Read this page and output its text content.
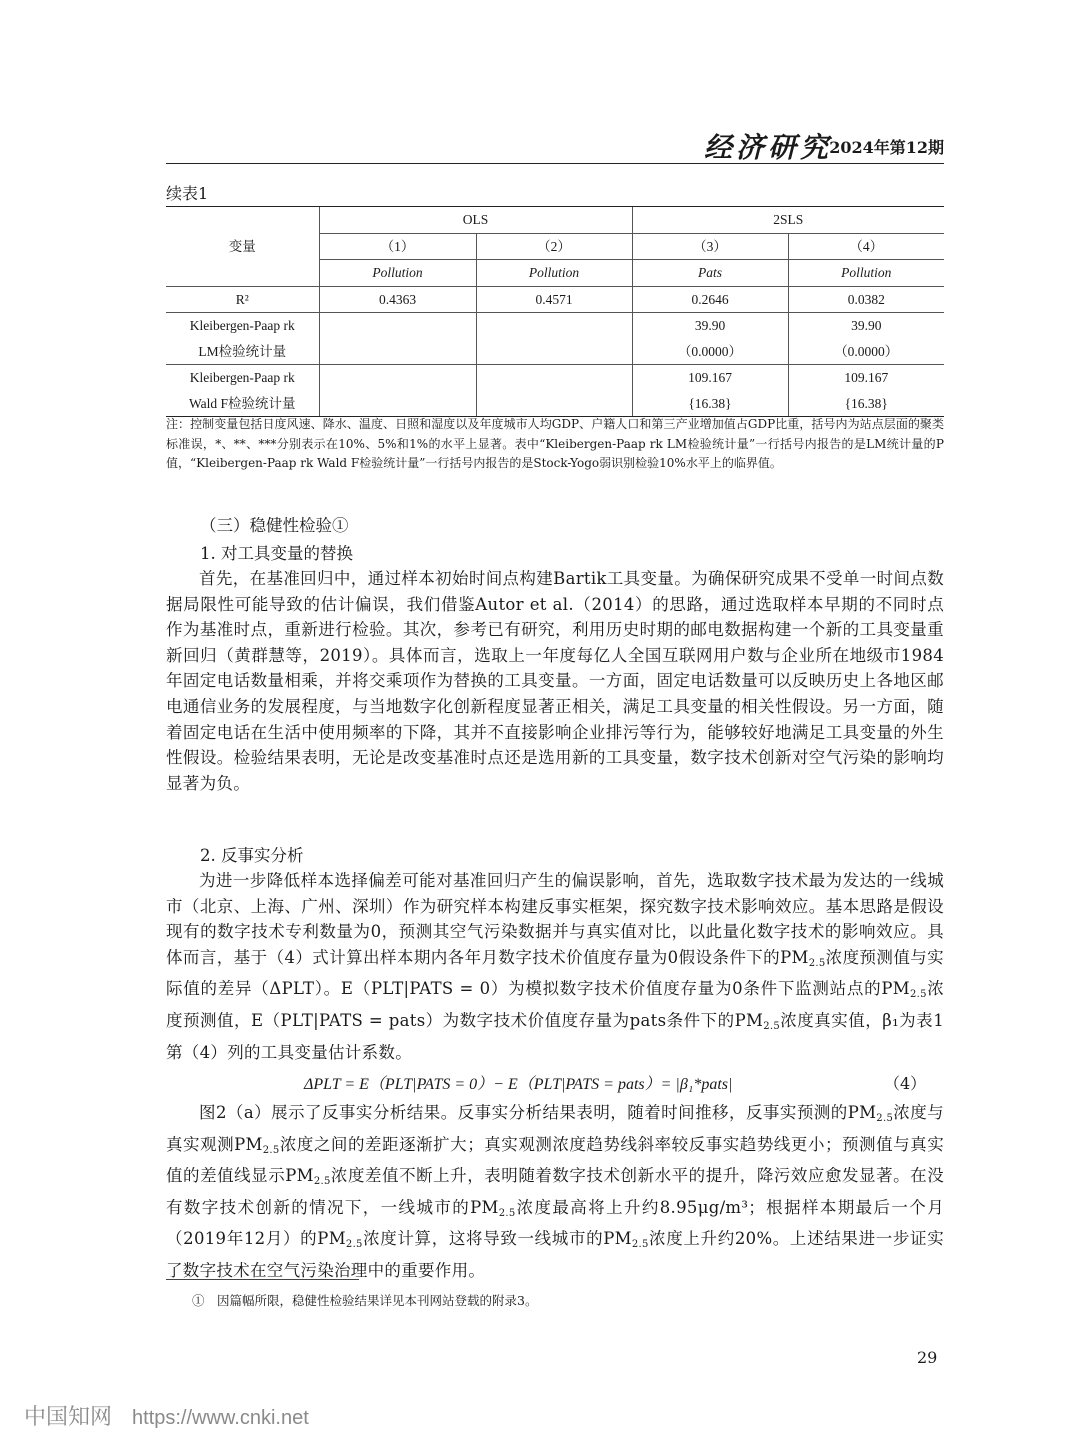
经济研究
2024年第12期
续表1
变量	OLS		2SLS	
	（1）	（2）	（3）	（4）
	Pollution	Pollution	Pats	Pollution
R²	0.4363	0.4571	0.2646	0.0382
Kleibergen-Paap rk			39.90	39.90
LM检验统计量			（0.0000）	（0.0000）
Kleibergen-Paap rk			109.167	109.167
Wald F检验统计量			{16.38}	{16.38}
注：控制变量包括日度风速、降水、温度、日照和湿度以及年度城市人均GDP、户籍人口和第三产业增加值占GDP比重，括号内为站点层面的聚类标准误，*、**、***分别表示在10%、5%和1%的水平上显著。表中“Kleibergen-Paap rk LM检验统计量”一行括号内报告的是LM统计量的P值，“Kleibergen-Paap rk Wald F检验统计量”一行括号内报告的是Stock-Yogo弱识别检验10%水平上的临界值。
（三）稳健性检验①
1. 对工具变量的替换
首先，在基准回归中，通过样本初始时间点构建Bartik工具变量。为确保研究成果不受单一时间点数据局限性可能导致的估计偏误，我们借鉴Autor et al.（2014）的思路，通过选取样本早期的不同时点作为基准时点，重新进行检验。其次，参考已有研究，利用历史时期的邮电数据构建一个新的工具变量重新回归（黄群慧等，2019）。具体而言，选取上一年度每亿人全国互联网用户数与企业所在地级市1984年固定电话数量相乘，并将交乘项作为替换的工具变量。一方面，固定电话数量可以反映历史上各地区邮电通信业务的发展程度，与当地数字化创新程度显著正相关，满足工具变量的相关性假设。另一方面，随着固定电话在生活中使用频率的下降，其并不直接影响企业排污等行为，能够较好地满足工具变量的外生性假设。检验结果表明，无论是改变基准时点还是选用新的工具变量，数字技术创新对空气污染的影响均显著为负。
2. 反事实分析
为进一步降低样本选择偏差可能对基准回归产生的偏误影响，首先，选取数字技术最为发达的一线城市（北京、上海、广州、深圳）作为研究样本构建反事实框架，探究数字技术影响效应。基本思路是假设现有的数字技术专利数量为0，预测其空气污染数据并与真实值对比，以此量化数字技术的影响效应。具体而言，基于（4）式计算出样本期内各年月数字技术价值度存量为0假设条件下的$PM_{2.5}$浓度预测值与实际值的差异（ΔPLT）。E（PLT|PATS = 0）为模拟数字技术价值度存量为0条件下监测站点的$PM_{2.5}$浓度预测值，E（PLT|PATS = pats）为数字技术价值度存量为pats条件下的$PM_{2.5}$浓度真实值，β₁为表1第（4）列的工具变量估计系数。
ΔPLT = E（PLT|PATS = 0）− E（PLT|PATS = pats）= |β₁*pats|	（4）
图2（a）展示了反事实分析结果。反事实分析结果表明，随着时间推移，反事实预测的$PM_{2.5}$浓度与真实观测$PM_{2.5}$浓度之间的差距逐渐扩大；真实观测浓度趋势线斜率较反事实趋势线更小；预测值与真实值的差值线显示$PM_{2.5}$浓度差值不断上升，表明随着数字技术创新水平的提升，降污效应愈发显著。在没有数字技术创新的情况下，一线城市的$PM_{2.5}$浓度最高将上升约8.95μg/m³；根据样本期最后一个月（2019年12月）的$PM_{2.5}$浓度计算，这将导致一线城市的$PM_{2.5}$浓度上升约20%。上述结果进一步证实了数字技术在空气污染治理中的重要作用。
①　因篇幅所限，稳健性检验结果详见本刊网站登载的附录3。
29
中国知网 https://www.cnki.net
